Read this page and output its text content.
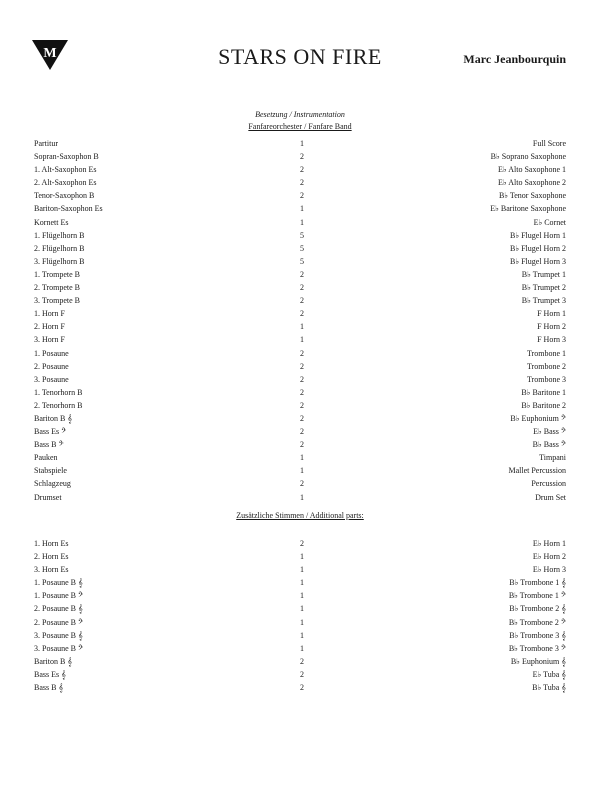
M	STARS ON FIRE	Marc Jeanbourquin
Besetzung / Instrumentation
Fanfareorchester / Fanfare Band
Partitur	1	Full Score
Sopran-Saxophon B	2	B♭ Soprano Saxophone
1. Alt-Saxophon Es	2	E♭ Alto Saxophone 1
2. Alt-Saxophon Es	2	E♭ Alto Saxophone 2
Tenor-Saxophon B	2	B♭ Tenor Saxophone
Bariton-Saxophon Es	1	E♭ Baritone Saxophone
Kornett Es	1	E♭ Cornet
1. Flügelhorn B	5	B♭ Flugel Horn 1
2. Flügelhorn B	5	B♭ Flugel Horn 2
3. Flügelhorn B	5	B♭ Flugel Horn 3
1. Trompete B	2	B♭ Trumpet 1
2. Trompete B	2	B♭ Trumpet 2
3. Trompete B	2	B♭ Trumpet 3
1. Horn F	2	F Horn 1
2. Horn F	1	F Horn 2
3. Horn F	1	F Horn 3
1. Posaune	2	Trombone 1
2. Posaune	2	Trombone 2
3. Posaune	2	Trombone 3
1. Tenorhorn B	2	B♭ Baritone 1
2. Tenorhorn B	2	B♭ Baritone 2
Bariton B 𝄞	2	B♭ Euphonium 𝄢
Bass Es 𝄢	2	E♭ Bass 𝄢
Bass B 𝄢	2	B♭ Bass 𝄢
Pauken	1	Timpani
Stabspiele	1	Mallet Percussion
Schlagzeug	2	Percussion
Drumset	1	Drum Set
Zusätzliche Stimmen / Additional parts:
1. Horn Es	2	E♭ Horn 1
2. Horn Es	1	E♭ Horn 2
3. Horn Es	1	E♭ Horn 3
1. Posaune B 𝄞	1	B♭ Trombone 1 𝄞
1. Posaune B 𝄢	1	B♭ Trombone 1 𝄢
2. Posaune B 𝄞	1	B♭ Trombone 2 𝄞
2. Posaune B 𝄢	1	B♭ Trombone 2 𝄢
3. Posaune B 𝄞	1	B♭ Trombone 3 𝄞
3. Posaune B 𝄢	1	B♭ Trombone 3 𝄢
Bariton B 𝄞	2	B♭ Euphonium 𝄞
Bass Es 𝄞	2	E♭ Tuba 𝄞
Bass B 𝄞	2	B♭ Tuba 𝄞
